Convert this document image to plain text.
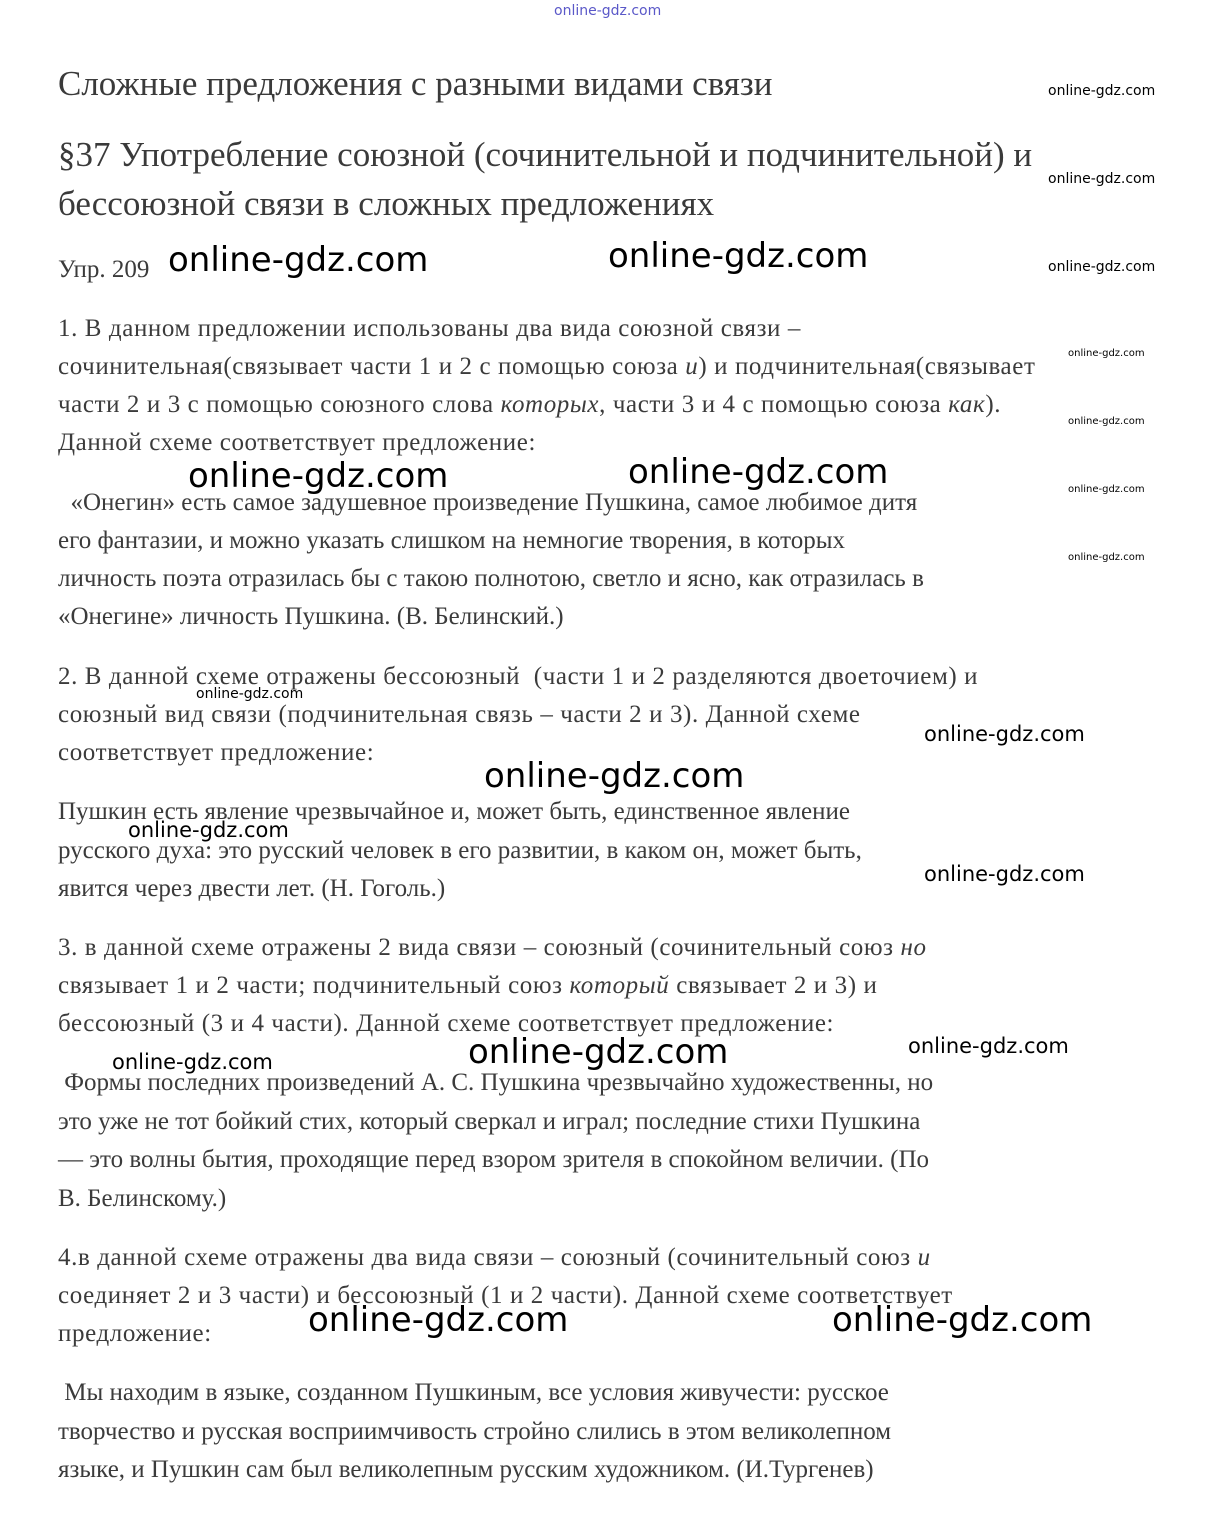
online-gdz.com
Сложные предложения с разными видами связи
§37 Употребление союзной (сочинительной и подчинительной) и
бессоюзной связи в сложных предложениях
Упр. 209
1. В данном предложении использованы два вида союзной связи –
сочинительная(связывает части 1 и 2 с помощью союза и) и подчинительная(связывает
части 2 и 3 с помощью союзного слова которых, части 3 и 4 с помощью союза как).
Данной схеме соответствует предложение:
«Онегин» есть самое задушевное произведение Пушкина, самое любимое дитя
его фантазии, и можно указать слишком на немногие творения, в которых
личность поэта отразилась бы с такою полнотою, светло и ясно, как отразилась в
«Онегине» личность Пушкина. (В. Белинский.)
2. В данной схеме отражены бессоюзный  (части 1 и 2 разделяются двоеточием) и
союзный вид связи (подчинительная связь – части 2 и 3). Данной схеме
соответствует предложение:
Пушкин есть явление чрезвычайное и, может быть, единственное явление
русского духа: это русский человек в его развитии, в каком он, может быть,
явится через двести лет. (Н. Гоголь.)
3. в данной схеме отражены 2 вида связи – союзный (сочинительный союз но
связывает 1 и 2 части; подчинительный союз который связывает 2 и 3) и
бессоюзный (3 и 4 части). Данной схеме соответствует предложение:
Формы последних произведений А. С. Пушкина чрезвычайно художественны, но
это уже не тот бойкий стих, который сверкал и играл; последние стихи Пушкина
— это волны бытия, проходящие перед взором зрителя в спокойном величии. (По
В. Белинскому.)
4.в данной схеме отражены два вида связи – союзный (сочинительный союз и
соединяет 2 и 3 части) и бессоюзный (1 и 2 части). Данной схеме соответствует
предложение:
Мы находим в языке, созданном Пушкиным, все условия живучести: русское
творчество и русская восприимчивость стройно слились в этом великолепном
языке, и Пушкин сам был великолепным русским художником. (И.Тургенев)
online-gdz.com
online-gdz.com
online-gdz.com
online-gdz.com	online-gdz.com
online-gdz.com
online-gdz.com
online-gdz.com
online-gdz.com
online-gdz.com	online-gdz.com
online-gdz.com
online-gdz.com
online-gdz.com
online-gdz.com
online-gdz.com
online-gdz.com	online-gdz.com	online-gdz.com
online-gdz.com	online-gdz.com
